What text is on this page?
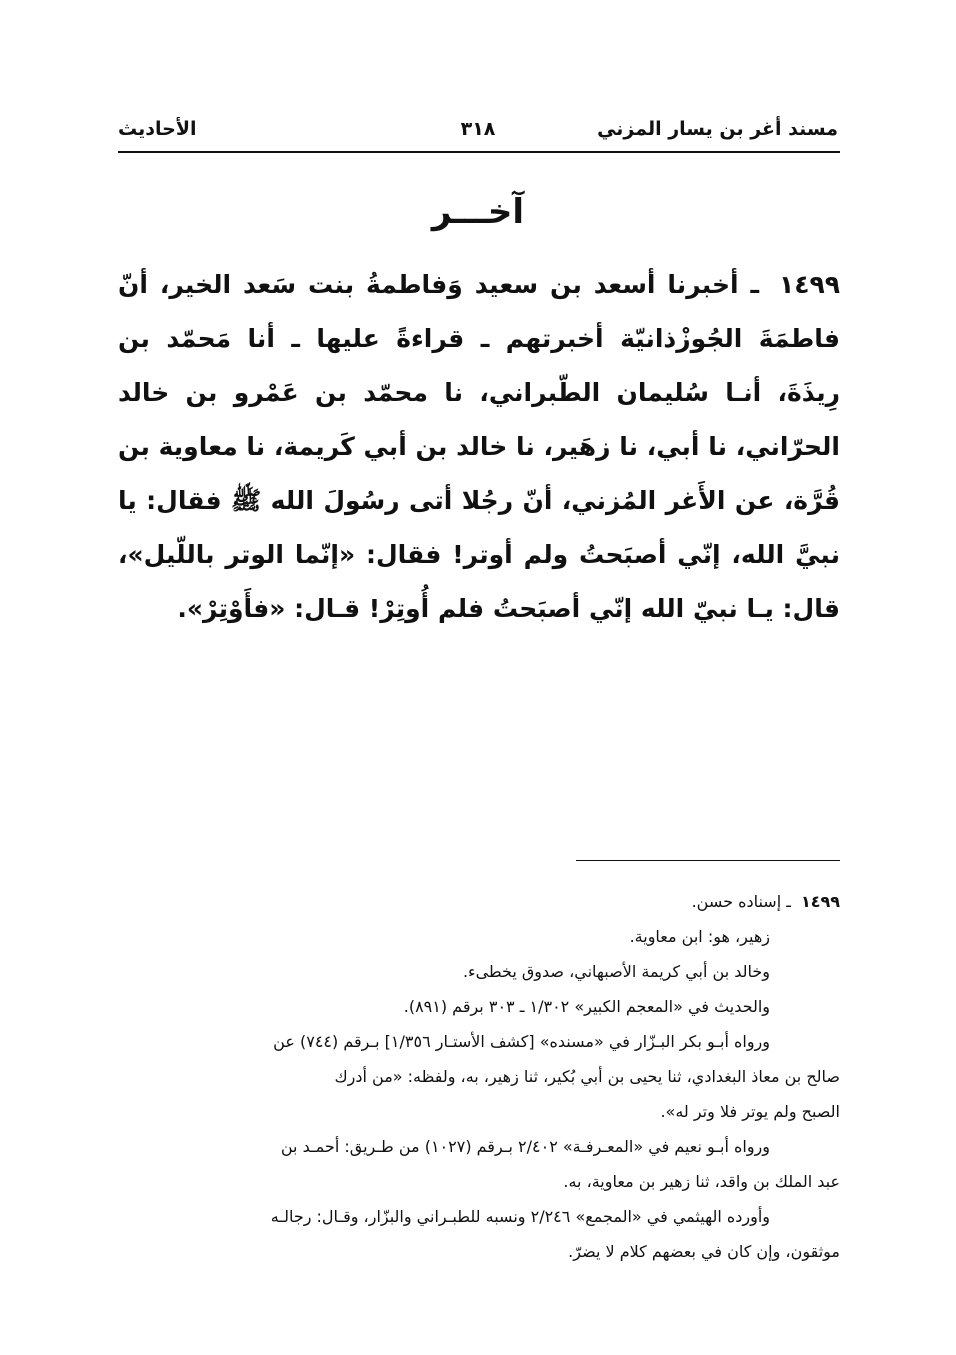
مسند أغر بن يسار المزني
٣١٨
الأحاديث
آخـــر
١٤٩٩ ـ أخبرنا أسعد بن سعيد وَفاطمةُ بنت سَعد الخير، أنّ فاطمَةَ الجُوزْذانيّة أخبرتهم ـ قراءةً عليها ـ أنا مَحمّد بن رِيذَةَ، أنـا سُليمان الطّبراني، نا محمّد بن عَمْرو بن خالد الحرّاني، نا أبي، نا زهَير، نا خالد بن أبي كَريمة، نا معاوية بن قُرَّة، عن الأَغر المُزني، أنّ رجُلا أتى رسُولَ الله ﷺ فقال: يا نبيَّ الله، إنّي أصبَحتُ ولم أوتر! فقال: «إنّما الوتر باللّيل»، قال: يـا نبيّ الله إنّي أصبَحتُ فلم أُوتِرْ! قـال: «فأَوْتِرْ».
١٤٩٩ـ إسناده حسن.
زهير، هو: ابن معاوية.
وخالد بن أبي كريمة الأصبهاني، صدوق يخطىء.
والحديث في «المعجم الكبير» ١/٣٠٢ ـ ٣٠٣ برقم (٨٩١).
ورواه أبـو بكر البـزّار في «مسنده» [كشف الأستـار ١/٣٥٦] بـرقم (٧٤٤) عن
صالح بن معاذ البغدادي، ثنا يحيى بن أبي بُكير، ثنا زهير، به، ولفظه: «من أدرك
الصبح ولم يوتر فلا وتر له».
ورواه أبـو نعيم في «المعـرفـة» ٢/٤٠٢ بـرقم (١٠٢٧) من طـريق: أحمـد بن
عبد الملك بن واقد، ثنا زهير بن معاوية، به.
وأورده الهيثمي في «المجمع» ٢/٢٤٦ ونسبه للطبـراني والبزّار، وقـال: رجالـه
موثقون، وإن كان في بعضهم كلام لا يضرّ.
